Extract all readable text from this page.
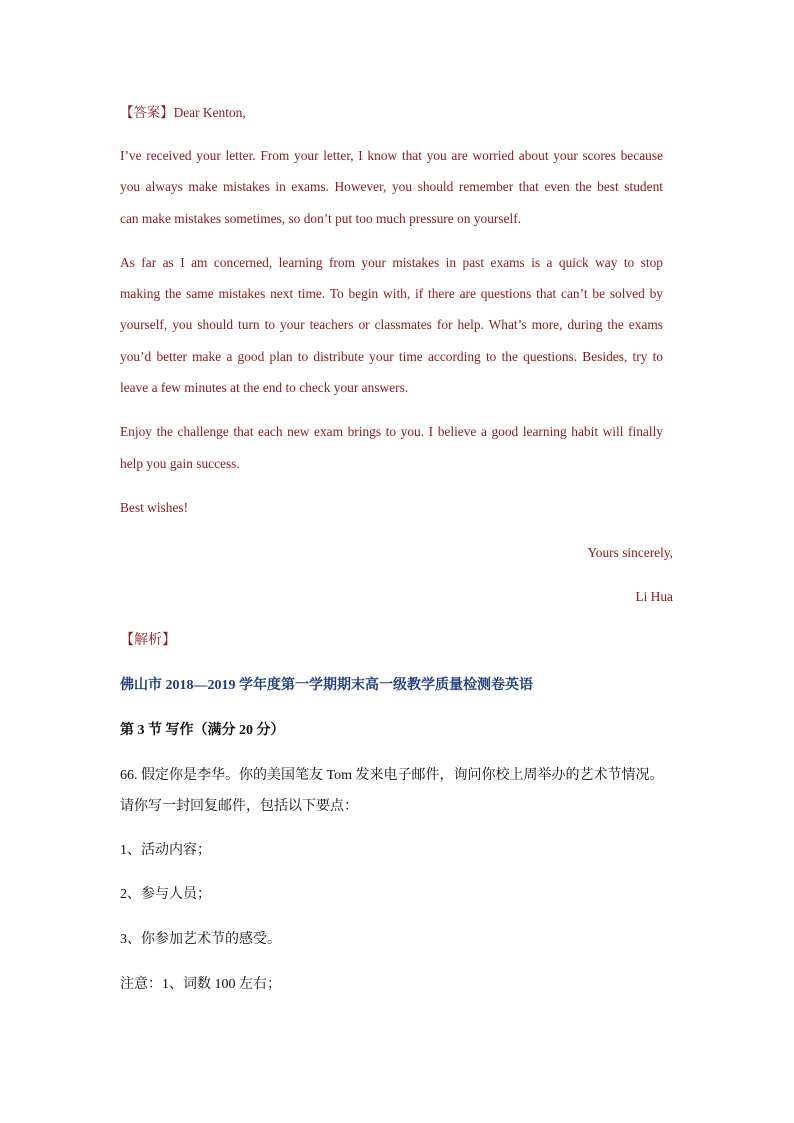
【答案】Dear Kenton,
I’ve received your letter. From your letter, I know that you are worried about your scores because
you always make mistakes in exams. However, you should remember that even the best student
can make mistakes sometimes, so don’t put too much pressure on yourself.
As far as I am concerned, learning from your mistakes in past exams is a quick way to stop
making the same mistakes next time. To begin with, if there are questions that can’t be solved by
yourself, you should turn to your teachers or classmates for help. What’s more, during the exams
you’d better make a good plan to distribute your time according to the questions. Besides, try to
leave a few minutes at the end to check your answers.
Enjoy the challenge that each new exam brings to you. I believe a good learning habit will finally
help you gain success.
Best wishes!
Yours sincerely,
Li Hua
【解析】
佛山市 2018—2019 学年度第一学期期末高一级教学质量检测卷英语
第 3 节 写作（满分 20 分）
66. 假定你是李华。你的美国笔友 Tom 发来电子邮件，询问你校上周举办的艺术节情况。
请你写一封回复邮件，包括以下要点：
1、活动内容；
2、参与人员；
3、你参加艺术节的感受。
注意：1、词数 100 左右；
